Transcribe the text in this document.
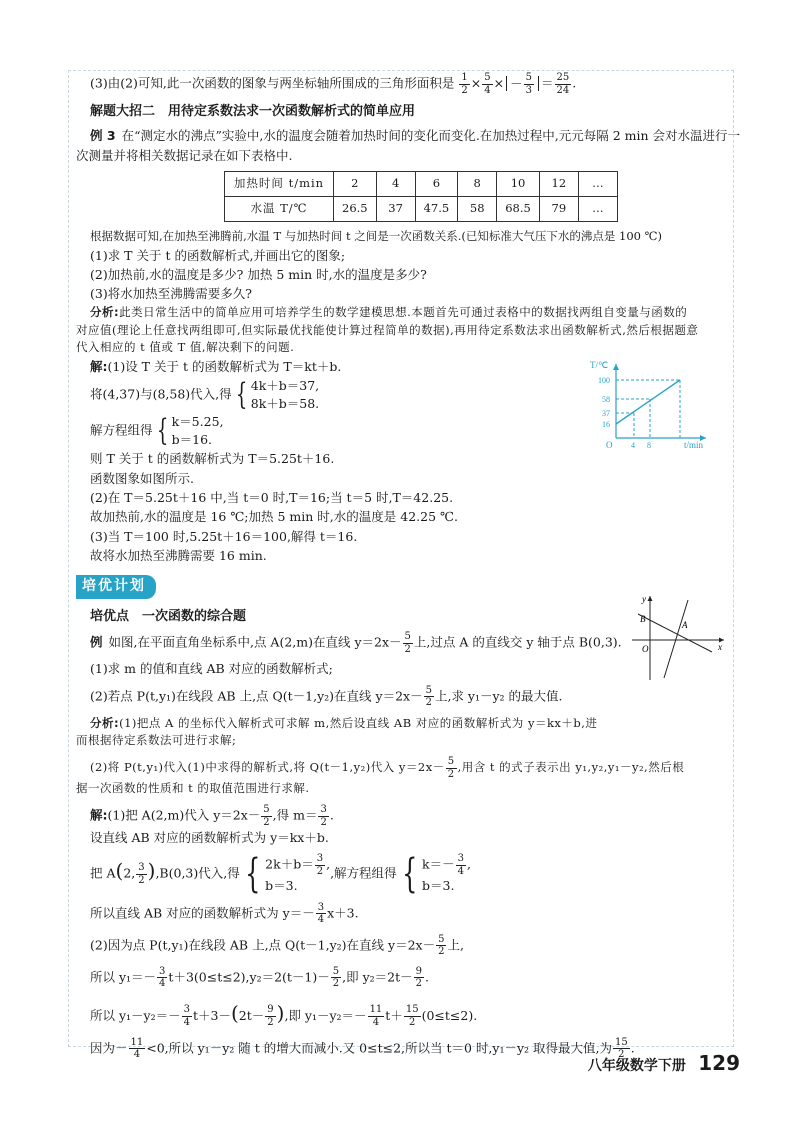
(3)由(2)可知,此一次函数的图象与两坐标轴所围成的三角形面积是 $\frac{1}{2} \times \frac{5}{4}$ × － $\frac{5}{3} = \frac{25}{24}$ .

解题大招二　用待定系数法求一次函数解析式的简单应用

例 3 在“测定水的沸点”实验中,水的温度会随着加热时间的变化而变化.在加热过程中,元元每隔 2 min 会对水温进行一

次测量并将相关数据记录在如下表格中.

加热时间 t/min	2	4	6	8	10	12	…
水温 T/℃	26.5	37	47.5	58	68.5	79	…

根据数据可知,在加热至沸腾前,水温 T 与加热时间 t 之间是一次函数关系.(已知标准大气压下水的沸点是 100 ℃)

(1)求 T 关于 t 的函数解析式,并画出它的图象;

(2)加热前,水的温度是多少? 加热 5 min 时,水的温度是多少?

(3)将水加热至沸腾需要多久?

分析:此类日常生活中的简单应用可培养学生的数学建模思想.本题首先可通过表格中的数据找两组自变量与函数的

对应值(理论上任意找两组即可,但实际最优找能使计算过程简单的数据),再用待定系数法求出函数解析式,然后根据题意

代入相应的 t 值或 T 值,解决剩下的问题.

解:(1)设 T 关于 t 的函数解析式为 T＝kt＋b.

将(4,37)与(8,58)代入,得 { 4k＋b＝37,
8k＋b＝58.

解方程组得 { k＝5.25,
b＝16.

则 T 关于 t 的函数解析式为 T＝5.25t＋16.

函数图象如图所示.

(2)在 T＝5.25t＋16 中,当 t＝0 时,T＝16;当 t＝5 时,T＝42.25.

故加热前,水的温度是 16 ℃;加热 5 min 时,水的温度是 42.25 ℃.

(3)当 T＝100 时,5.25t＋16＝100,解得 t＝16.

故将水加热至沸腾需要 16 min.

培优计划
培优点　一次函数的综合题

例 如图,在平面直角坐标系中,点 A(2,m)在直线 $y=2x- \frac{5}{2}$ 上,过点 A 的直线交 y 轴于点 B(0,3).

(1)求 m 的值和直线 AB 对应的函数解析式;

(2)若点 P(t,y₁)在线段 AB 上,点 Q(t－1,y₂)在直线 $y=2x- \frac{5}{2}$ 上,求 y₁－y₂ 的最大值.

分析:(1)把点 A 的坐标代入解析式可求解 m,然后设直线 AB 对应的函数解析式为 y＝kx＋b,进

而根据待定系数法可进行求解;

(2)将 P(t,y₁)代入(1)中求得的解析式,将 Q(t－1,y₂)代入 $y=2x- \frac{5}{2}$ ,用含 t 的式子表示出 y₁,y₂,y₁－y₂,然后根

据一次函数的性质和 t 的取值范围进行求解.

解:(1)把 A(2,m)代入 $y=2x- \frac{5}{2}$ ,得 $m= \frac{3}{2}$ .

设直线 AB 对应的函数解析式为 y＝kx＋b.

把 A(2, $\frac{3}{2} ),B(0,3)$代入,得 { $2k+b= \frac{3}{2}$ ,
b＝3.
,解方程组得 { $k=- \frac{3}{4}$ ,
b＝3.

所以直线 AB 对应的函数解析式为 $y=- \frac{3}{4} x+3$.

(2)因为点 P(t,y₁)在线段 AB 上,点 Q(t－1,y₂)在直线 $y=2x- \frac{5}{2}$ 上,

所以 $y_1=- \frac{3}{4} t+3(0\le t\le 2),y_2=2(t-1)- \frac{5}{2}$ ,即 $y_2=2t- \frac{9}{2}$ .

所以 $y_1-y_2=- \frac{3}{4} t+3-(2t- \frac{9}{2}$ ),即 $y_1-y_2=- \frac{11}{4} t+ \frac{15}{2} (0\le t\le 2)$.

因为－ $\frac{11}{4} <0$,所以 y₁－y₂ 随 t 的增大而减小.又 0≤t≤2,所以当 t＝0 时,y₁－y₂ 取得最大值,为 $\frac{15}{2}$ .

T/℃
t/min
O
100
58
37
16
4 8
y
x
O
B
A
八年级数学下册 129
